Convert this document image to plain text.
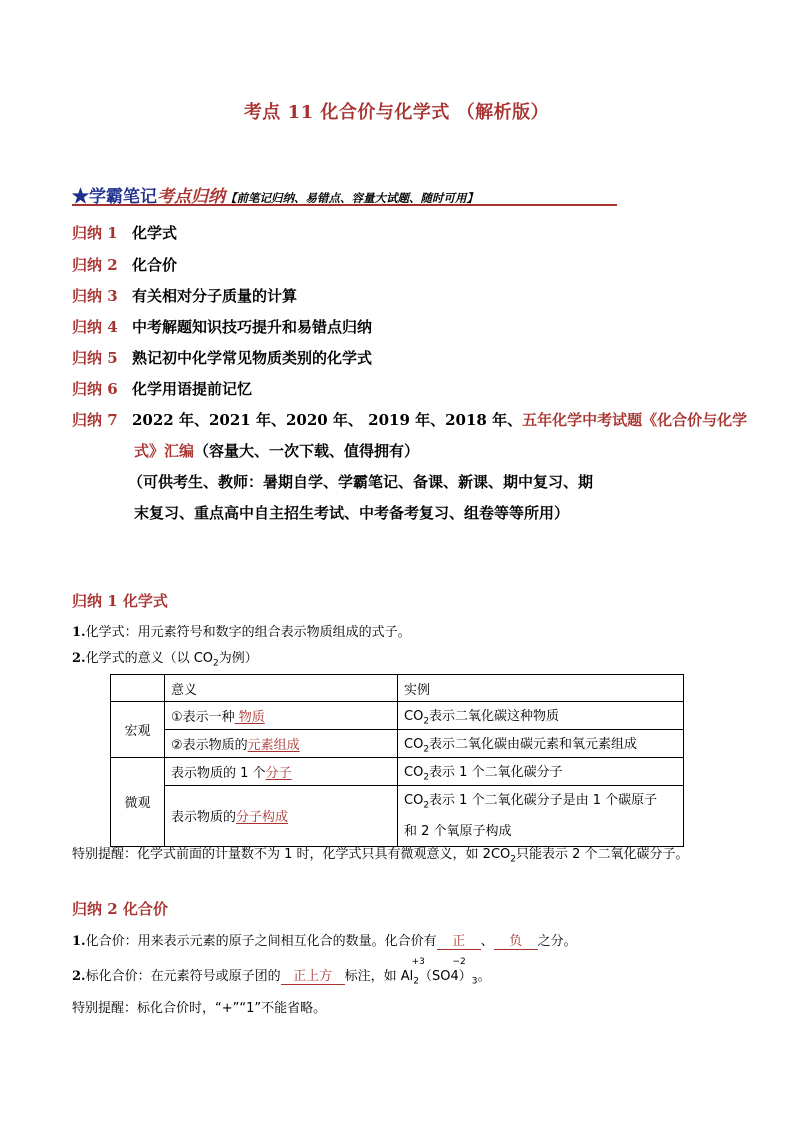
考点 11 化合价与化学式 （解析版）
★学霸笔记考点归纳【前笔记归纳、易错点、容量大试题、随时可用】
归纳 1 化学式
归纳 2 化合价
归纳 3 有关相对分子质量的计算
归纳 4 中考解题知识技巧提升和易错点归纳
归纳 5 熟记初中化学常见物质类别的化学式
归纳 6 化学用语提前记忆
归纳 7 2022 年、2021 年、2020 年、 2019 年、2018 年、五年化学中考试题《化合价与化学
式》汇编（容量大、一次下载、值得拥有）
（可供考生、教师：暑期自学、学霸笔记、备课、新课、期中复习、期
末复习、重点高中自主招生考试、中考备考复习、组卷等等所用）
归纳 1 化学式
1.化学式：用元素符号和数字的组合表示物质组成的式子。
2.化学式的意义（以 $CO_2$为例）
	意义	实例
宏观	①表示一种 物质	$CO_2$表示二氧化碳这种物质
	②表示物质的元素组成	$CO_2$表示二氧化碳由碳元素和氧元素组成
微观	表示物质的 1 个分子	$CO_2$表示 1 个二氧化碳分子
	表示物质的分子构成	$CO_2$表示 1 个二氧化碳分子是由 1 个碳原子
和 2 个氧原子构成
特别提醒：化学式前面的计量数不为 1 时，化学式只具有微观意义，如 $2CO_2$只能表示 2 个二氧化碳分子。
归纳 2 化合价
1.化合价：用来表示元素的原子之间相互化合的数量。化合价有 正 、 负 之分。
2.标化合价：在元素符号或原子团的 正上方 标注，如 A
+3
$l_2(SO$
−2
$4)_3$。
特别提醒：标化合价时，“+”“1”不能省略。
